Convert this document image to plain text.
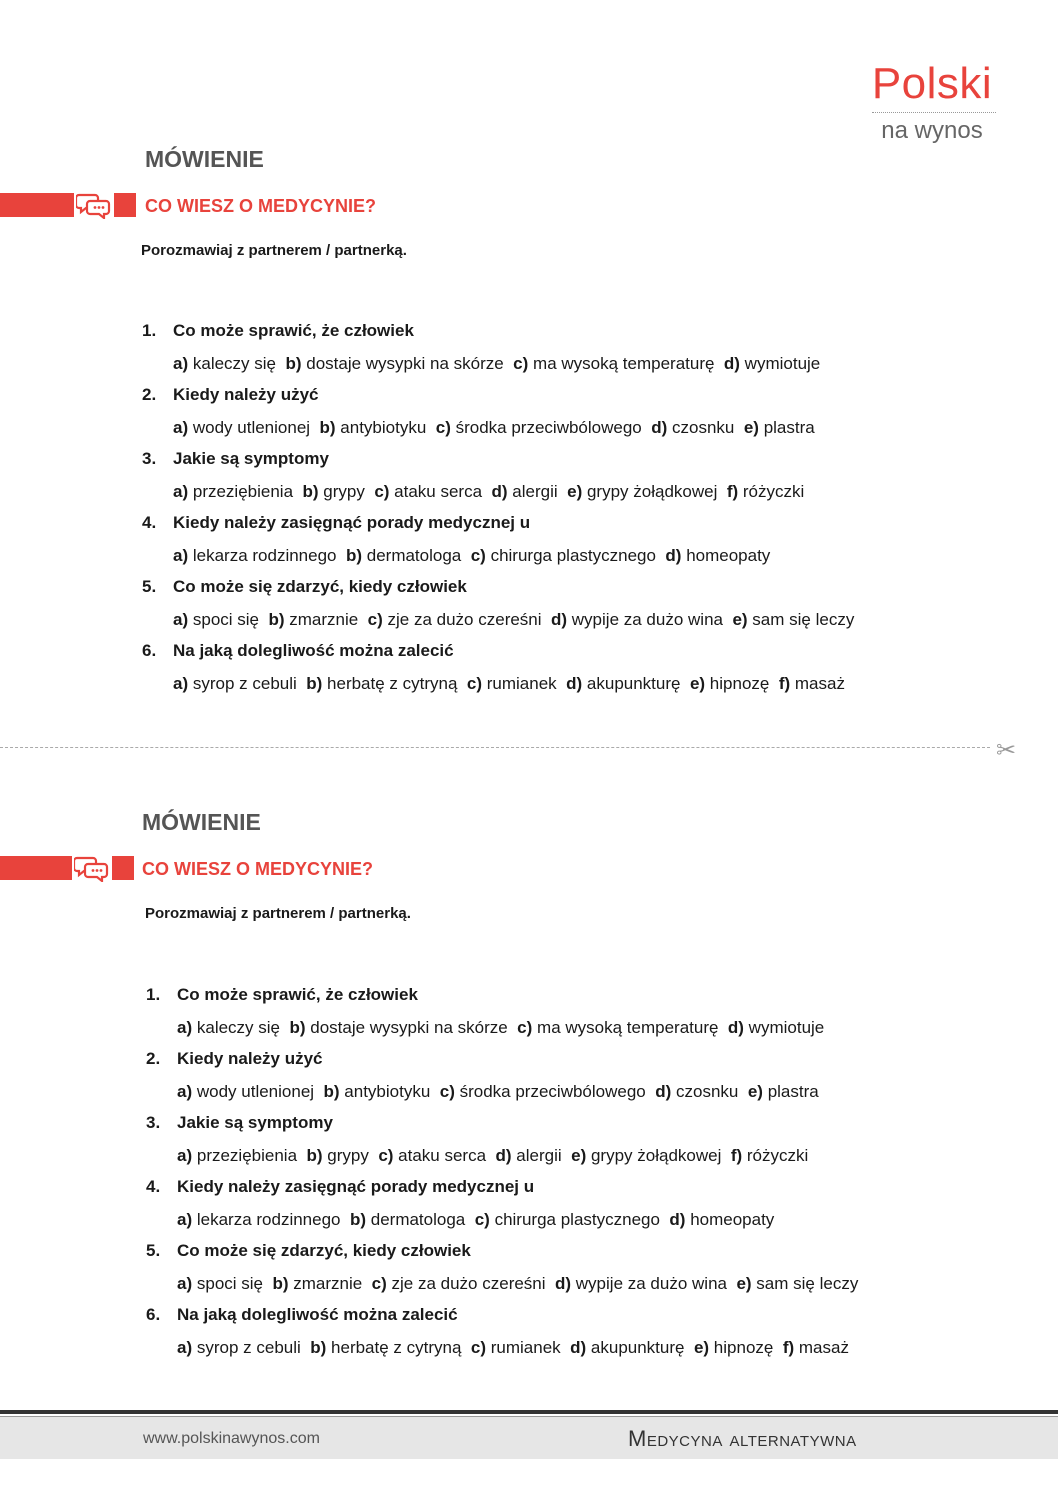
Polski
na wynos
MÓWIENIE
CO WIESZ O MEDYCYNIE?
Porozmawiaj z partnerem / partnerką.
1. Co może sprawić, że człowiek
a) kaleczy się b) dostaje wysypki na skórze c) ma wysoką temperaturę d) wymiotuje
2. Kiedy należy użyć
a) wody utlenionej b) antybiotyku c) środka przeciwbólowego d) czosnku e) plastra
3. Jakie są symptomy
a) przeziębienia b) grypy c) ataku serca d) alergii e) grypy żołądkowej f) różyczki
4. Kiedy należy zasięgnąć porady medycznej u
a) lekarza rodzinnego b) dermatologa c) chirurga plastycznego d) homeopaty
5. Co może się zdarzyć, kiedy człowiek
a) spoci się b) zmarznie c) zje za dużo czereśni d) wypije za dużo wina e) sam się leczy
6. Na jaką dolegliwość można zalecić
a) syrop z cebuli b) herbatę z cytryną c) rumianek d) akupunkturę e) hipnozę f) masaż
✂
MÓWIENIE
CO WIESZ O MEDYCYNIE?
Porozmawiaj z partnerem / partnerką.
1. Co może sprawić, że człowiek
a) kaleczy się b) dostaje wysypki na skórze c) ma wysoką temperaturę d) wymiotuje
2. Kiedy należy użyć
a) wody utlenionej b) antybiotyku c) środka przeciwbólowego d) czosnku e) plastra
3. Jakie są symptomy
a) przeziębienia b) grypy c) ataku serca d) alergii e) grypy żołądkowej f) różyczki
4. Kiedy należy zasięgnąć porady medycznej u
a) lekarza rodzinnego b) dermatologa c) chirurga plastycznego d) homeopaty
5. Co może się zdarzyć, kiedy człowiek
a) spoci się b) zmarznie c) zje za dużo czereśni d) wypije za dużo wina e) sam się leczy
6. Na jaką dolegliwość można zalecić
a) syrop z cebuli b) herbatę z cytryną c) rumianek d) akupunkturę e) hipnozę f) masaż
www.polskinawynos.com	Medycyna alternatywna
